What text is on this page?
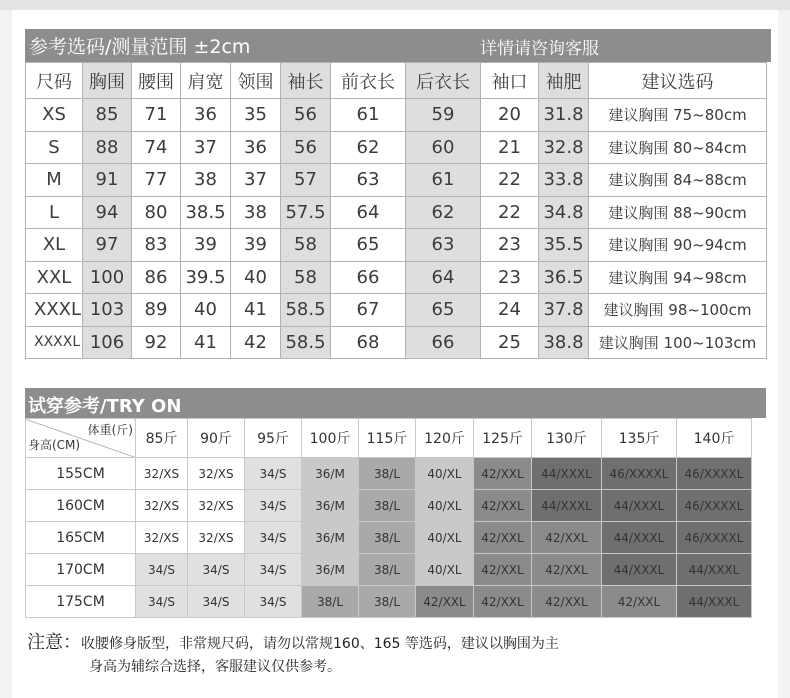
参考选码/测量范围 ±2cm	详情请咨询客服
尺码	胸围	腰围	肩宽	领围	袖长	前衣长	后衣长	袖口	袖肥	建议选码
XS	85	71	36	35	56	61	59	20	31.8	建议胸围 75~80cm
S	88	74	37	36	56	62	60	21	32.8	建议胸围 80~84cm
M	91	77	38	37	57	63	61	22	33.8	建议胸围 84~88cm
L	94	80	38.5	38	57.5	64	62	22	34.8	建议胸围 88~90cm
XL	97	83	39	39	58	65	63	23	35.5	建议胸围 90~94cm
XXL	100	86	39.5	40	58	66	64	23	36.5	建议胸围 94~98cm
XXXL	103	89	40	41	58.5	67	65	24	37.8	建议胸围 98~100cm
XXXXL	106	92	41	42	58.5	68	66	25	38.8	建议胸围 100~103cm
试穿参考/TRY ON
体重(斤)
身高(CM)	85斤	90斤	95斤	100斤	115斤	120斤	125斤	130斤	135斤	140斤
155CM	32/XS	32/XS	34/S	36/M	38/L	40/XL	42/XXL	44/XXXL	46/XXXXL	46/XXXXL
160CM	32/XS	32/XS	34/S	36/M	38/L	40/XL	42/XXL	44/XXXL	44/XXXL	46/XXXXL
165CM	32/XS	32/XS	34/S	36/M	38/L	40/XL	42/XXL	42/XXL	44/XXXL	46/XXXXL
170CM	34/S	34/S	34/S	36/M	38/L	40/XL	42/XXL	42/XXL	44/XXXL	44/XXXL
175CM	34/S	34/S	34/S	38/L	38/L	42/XXL	42/XXL	42/XXL	42/XXL	44/XXXL
注意：收腰修身版型，非常规尺码，请勿以常规160、165 等选码，建议以胸围为主
身高为辅综合选择，客服建议仅供参考。
